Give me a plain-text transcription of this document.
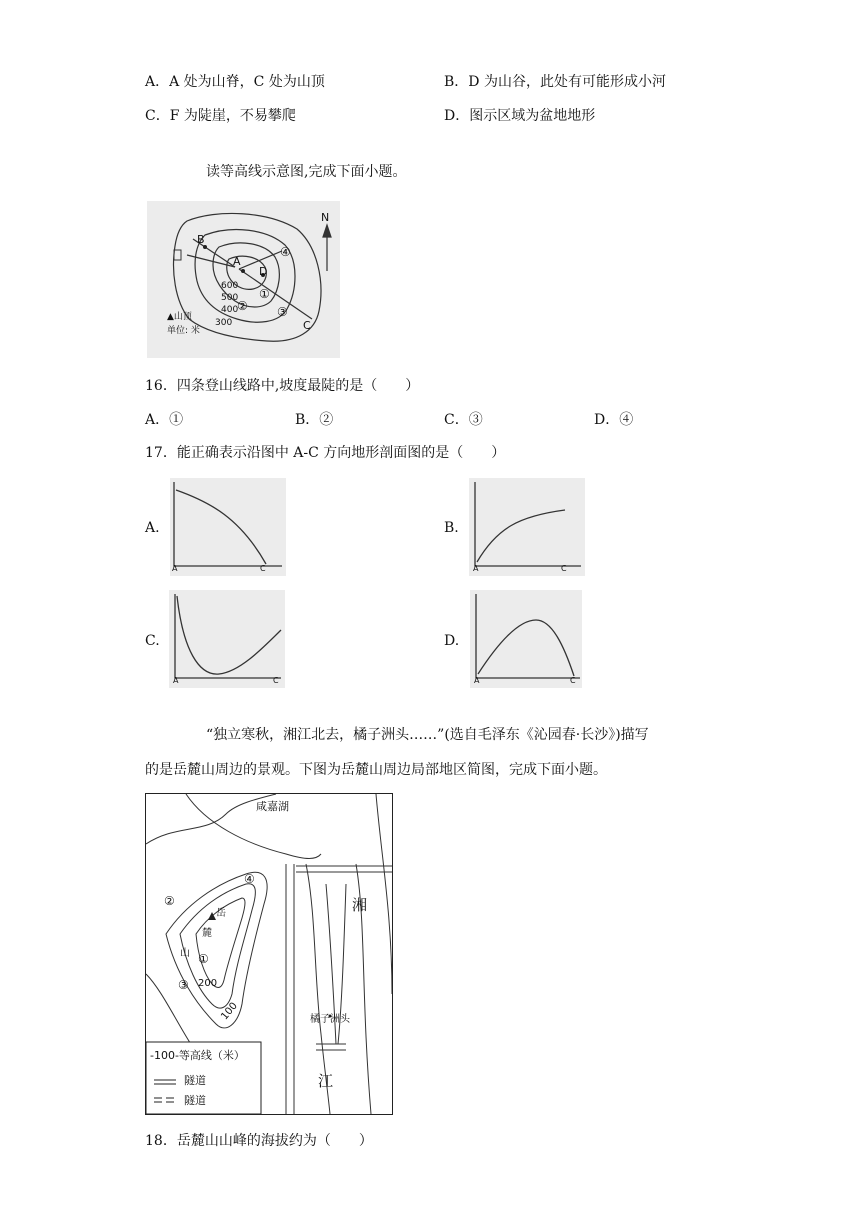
A．A 处为山脊，C 处为山顶	B．D 为山谷，此处有可能形成小河
C．F 为陡崖，不易攀爬	D．图示区域为盆地地形
读等高线示意图,完成下面小题。
B
A
D
C
N
④
①
② ③
600
500
400
300
▲山顶
单位: 米
16．四条登山线路中,坡度最陡的是（　　）
A．①	B．②	C．③	D．④
17．能正确表示沿图中 A-C 方向地形剖面图的是（　　）
A.
A	C
B.
A	C
C.
A	C
D.
A	C
“独立寒秋，湘江北去，橘子洲头……”(选自毛泽东《沁园春·长沙》)描写
的是岳麓山周边的景观。下图为岳麓山周边局部地区简图，完成下面小题。
咸嘉湖
湘
江
橘子洲头
岳
麓
山
④
②
①
③ 200
100
-100-等高线（米）
隧道
隧道
18．岳麓山山峰的海拔约为（　　）
